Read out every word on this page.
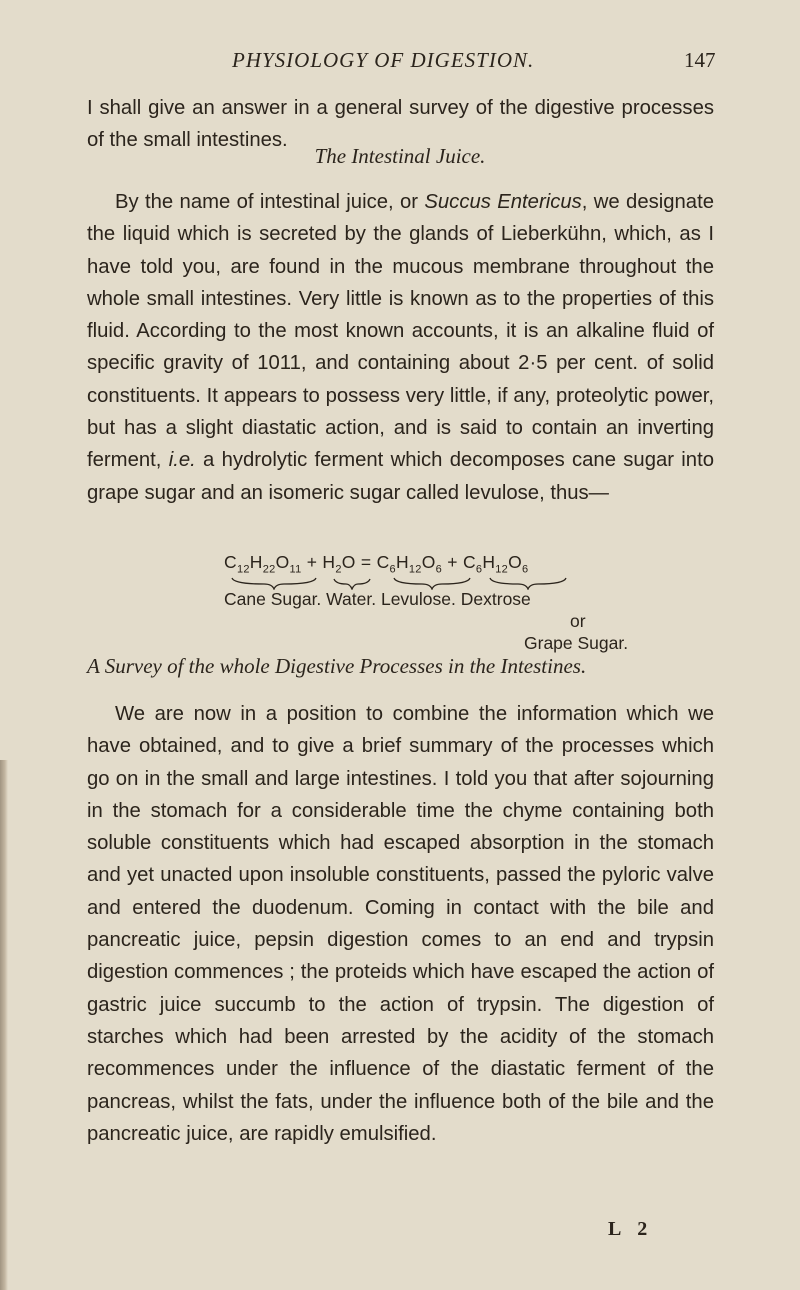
PHYSIOLOGY OF DIGESTION.	147

I shall give an answer in a general survey of the digestive processes of the small intestines.

The Intestinal Juice.

By the name of intestinal juice, or Succus Entericus, we designate the liquid which is secreted by the glands of Lieberkühn, which, as I have told you, are found in the mucous membrane throughout the whole small intestines. Very little is known as to the properties of this fluid. According to the most known accounts, it is an alkaline fluid of specific gravity of 1011, and containing about 2·5 per cent. of solid constituents. It appears to possess very little, if any, proteolytic power, but has a slight diastatic action, and is said to contain an inverting ferment, i.e. a hydrolytic ferment which decomposes cane sugar into grape sugar and an isomeric sugar called levulose, thus—

$C_{12}H_{22}O_{11} + H_2O = C_6H_{12}O_6 + C_6H_{12}O_6$
Cane Sugar. Water. Levulose. Dextrose
or
Grape Sugar.

A Survey of the whole Digestive Processes in the Intestines.

We are now in a position to combine the information which we have obtained, and to give a brief summary of the processes which go on in the small and large intestines. I told you that after sojourning in the stomach for a considerable time the chyme containing both soluble constituents which had escaped absorption in the stomach and yet unacted upon insoluble constituents, passed the pyloric valve and entered the duodenum. Coming in contact with the bile and pancreatic juice, pepsin digestion comes to an end and trypsin digestion commences ; the proteids which have escaped the action of gastric juice succumb to the action of trypsin. The digestion of starches which had been arrested by the acidity of the stomach recommences under the influence of the diastatic ferment of the pancreas, whilst the fats, under the influence both of the bile and the pancreatic juice, are rapidly emulsified.

L 2
